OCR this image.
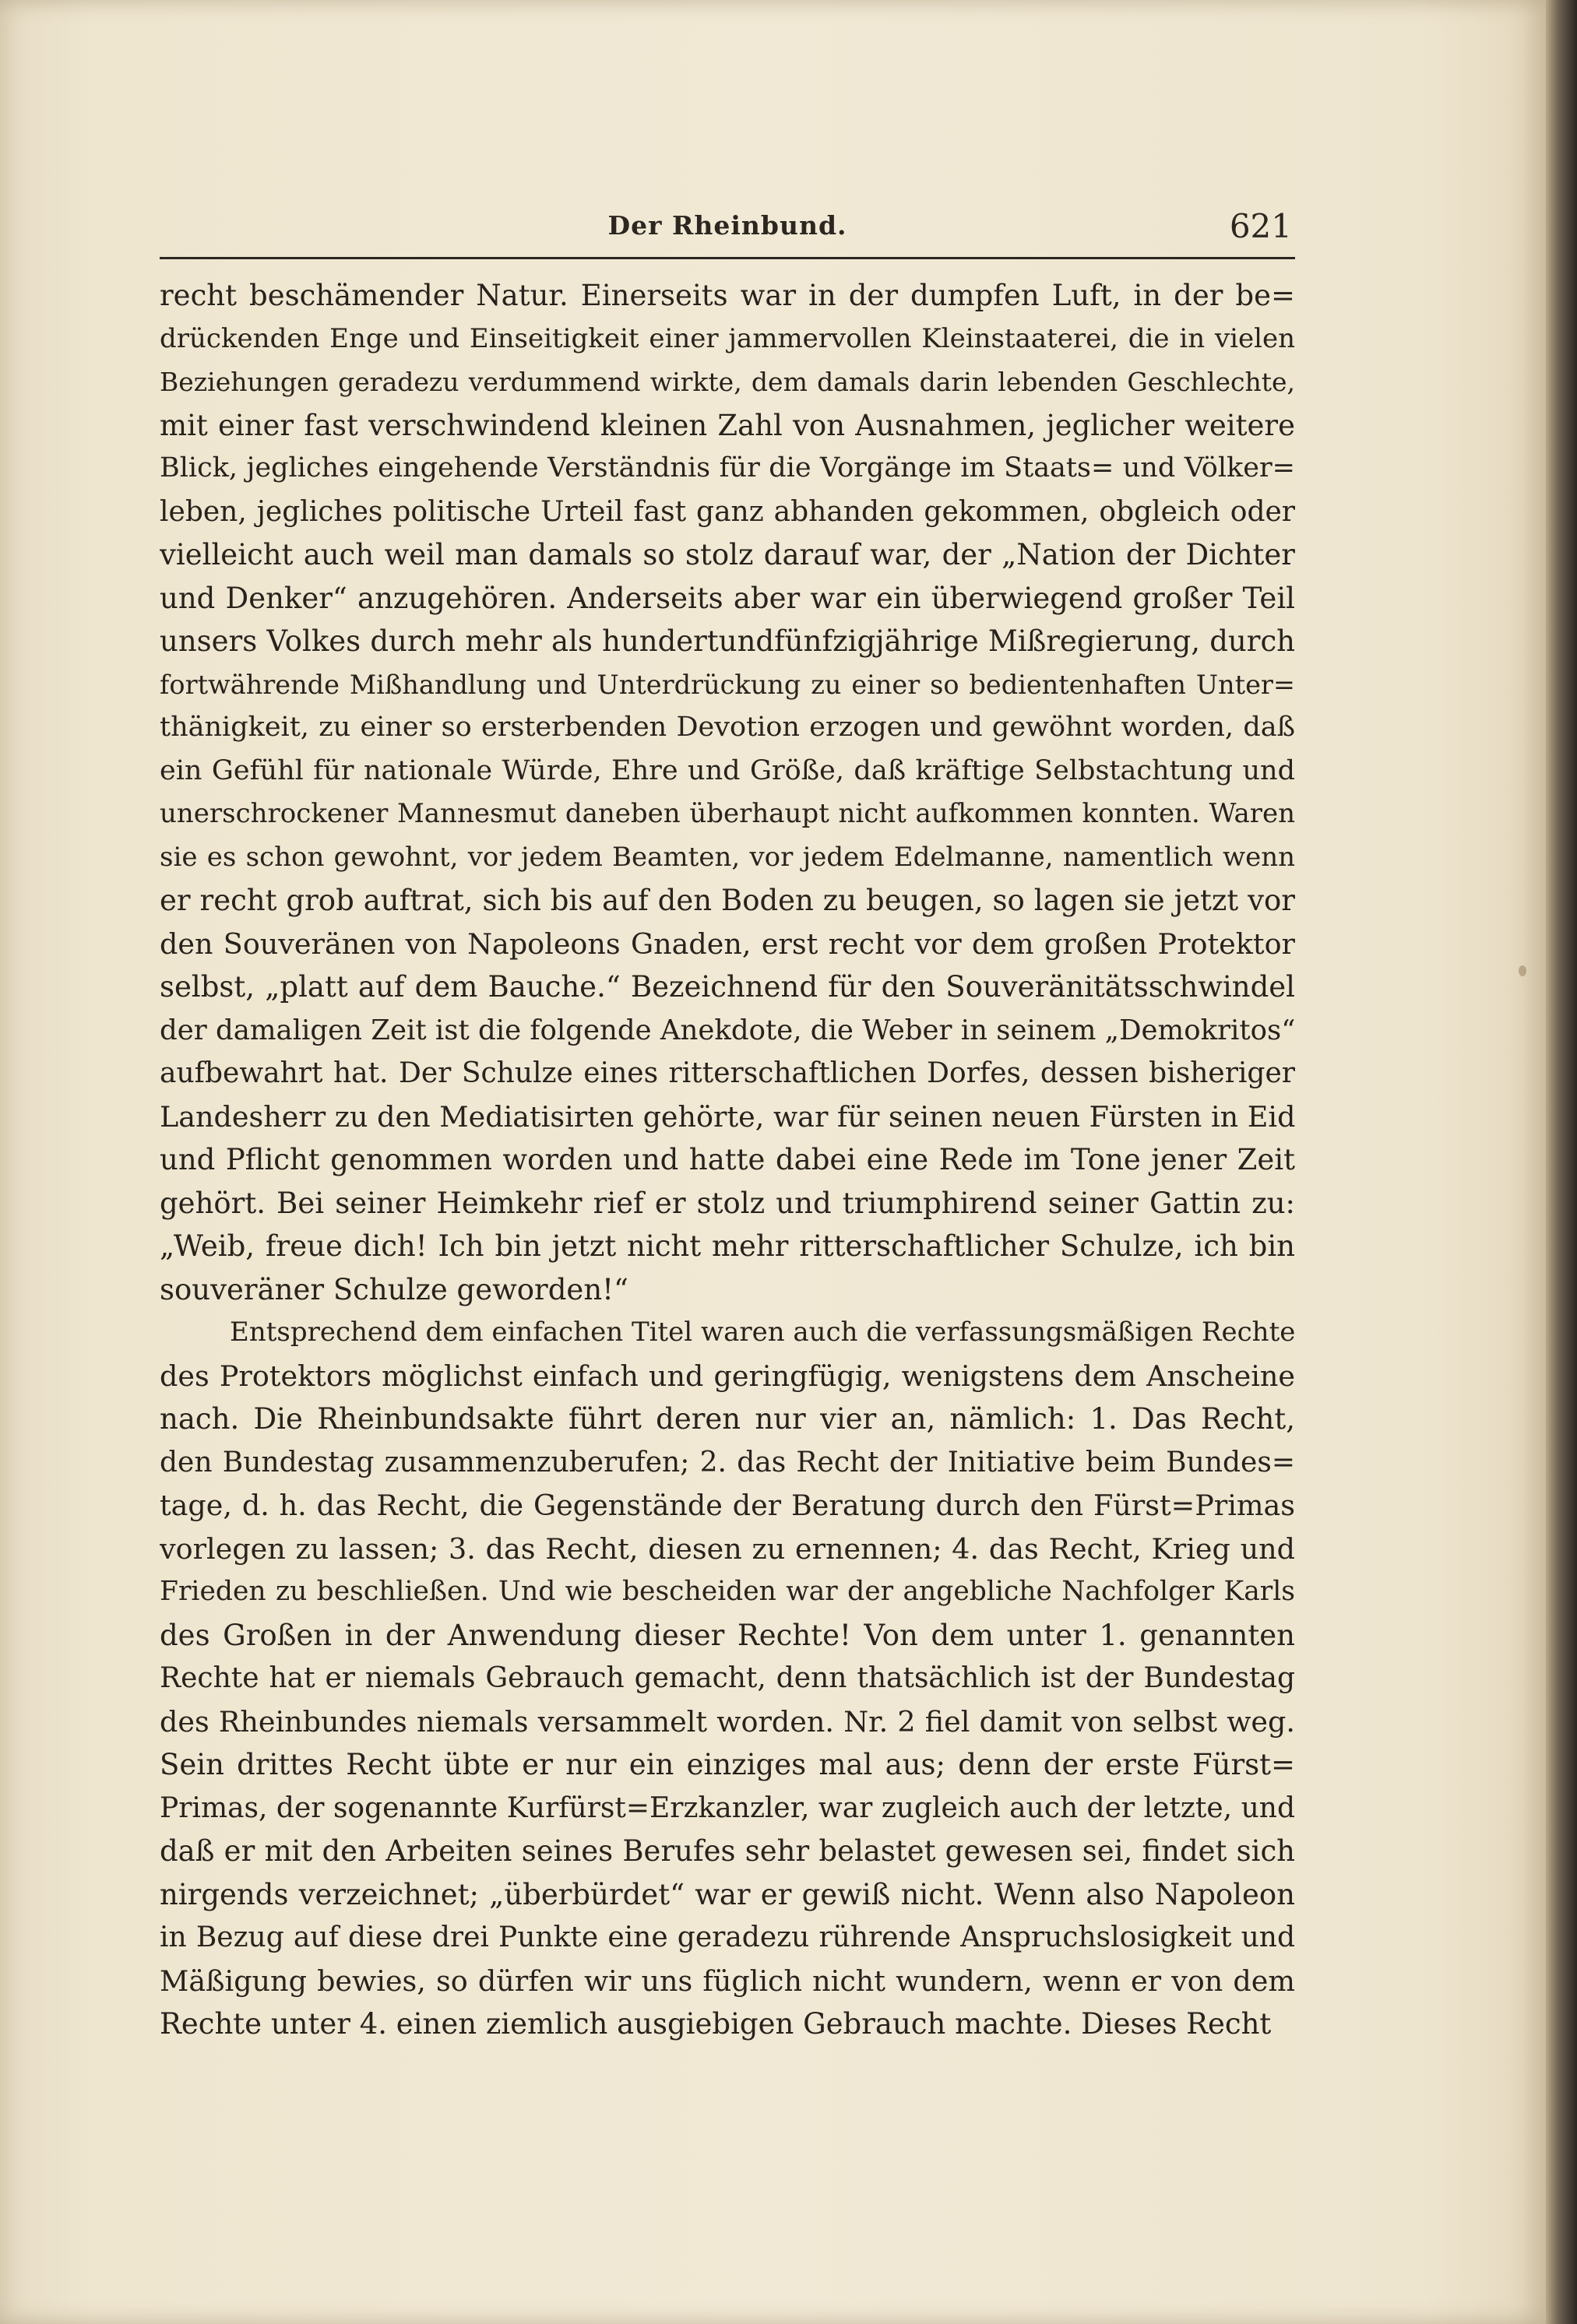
Der Rheinbund.	621
recht beschämender Natur. Einerseits war in der dumpfen Luft, in der be=
drückenden Enge und Einseitigkeit einer jammervollen Kleinstaaterei, die in vielen
Beziehungen geradezu verdummend wirkte, dem damals darin lebenden Geschlechte,
mit einer fast verschwindend kleinen Zahl von Ausnahmen, jeglicher weitere
Blick, jegliches eingehende Verständnis für die Vorgänge im Staats= und Völker=
leben, jegliches politische Urteil fast ganz abhanden gekommen, obgleich oder
vielleicht auch weil man damals so stolz darauf war, der „Nation der Dichter
und Denker“ anzugehören. Anderseits aber war ein überwiegend großer Teil
unsers Volkes durch mehr als hundertundfünfzigjährige Mißregierung, durch
fortwährende Mißhandlung und Unterdrückung zu einer so bedientenhaften Unter=
thänigkeit, zu einer so ersterbenden Devotion erzogen und gewöhnt worden, daß
ein Gefühl für nationale Würde, Ehre und Größe, daß kräftige Selbstachtung und
unerschrockener Mannesmut daneben überhaupt nicht aufkommen konnten. Waren
sie es schon gewohnt, vor jedem Beamten, vor jedem Edelmanne, namentlich wenn
er recht grob auftrat, sich bis auf den Boden zu beugen, so lagen sie jetzt vor
den Souveränen von Napoleons Gnaden, erst recht vor dem großen Protektor
selbst, „platt auf dem Bauche.“ Bezeichnend für den Souveränitätsschwindel
der damaligen Zeit ist die folgende Anekdote, die Weber in seinem „Demokritos“
aufbewahrt hat. Der Schulze eines ritterschaftlichen Dorfes, dessen bisheriger
Landesherr zu den Mediatisirten gehörte, war für seinen neuen Fürsten in Eid
und Pflicht genommen worden und hatte dabei eine Rede im Tone jener Zeit
gehört. Bei seiner Heimkehr rief er stolz und triumphirend seiner Gattin zu:
„Weib, freue dich! Ich bin jetzt nicht mehr ritterschaftlicher Schulze, ich bin
souveräner Schulze geworden!“
Entsprechend dem einfachen Titel waren auch die verfassungsmäßigen Rechte
des Protektors möglichst einfach und geringfügig, wenigstens dem Anscheine
nach. Die Rheinbundsakte führt deren nur vier an, nämlich: 1. Das Recht,
den Bundestag zusammenzuberufen; 2. das Recht der Initiative beim Bundes=
tage, d. h. das Recht, die Gegenstände der Beratung durch den Fürst=Primas
vorlegen zu lassen; 3. das Recht, diesen zu ernennen; 4. das Recht, Krieg und
Frieden zu beschließen. Und wie bescheiden war der angebliche Nachfolger Karls
des Großen in der Anwendung dieser Rechte! Von dem unter 1. genannten
Rechte hat er niemals Gebrauch gemacht, denn thatsächlich ist der Bundestag
des Rheinbundes niemals versammelt worden. Nr. 2 fiel damit von selbst weg.
Sein drittes Recht übte er nur ein einziges mal aus; denn der erste Fürst=
Primas, der sogenannte Kurfürst=Erzkanzler, war zugleich auch der letzte, und
daß er mit den Arbeiten seines Berufes sehr belastet gewesen sei, findet sich
nirgends verzeichnet; „überbürdet“ war er gewiß nicht. Wenn also Napoleon
in Bezug auf diese drei Punkte eine geradezu rührende Anspruchslosigkeit und
Mäßigung bewies, so dürfen wir uns füglich nicht wundern, wenn er von dem
Rechte unter 4. einen ziemlich ausgiebigen Gebrauch machte. Dieses Recht
